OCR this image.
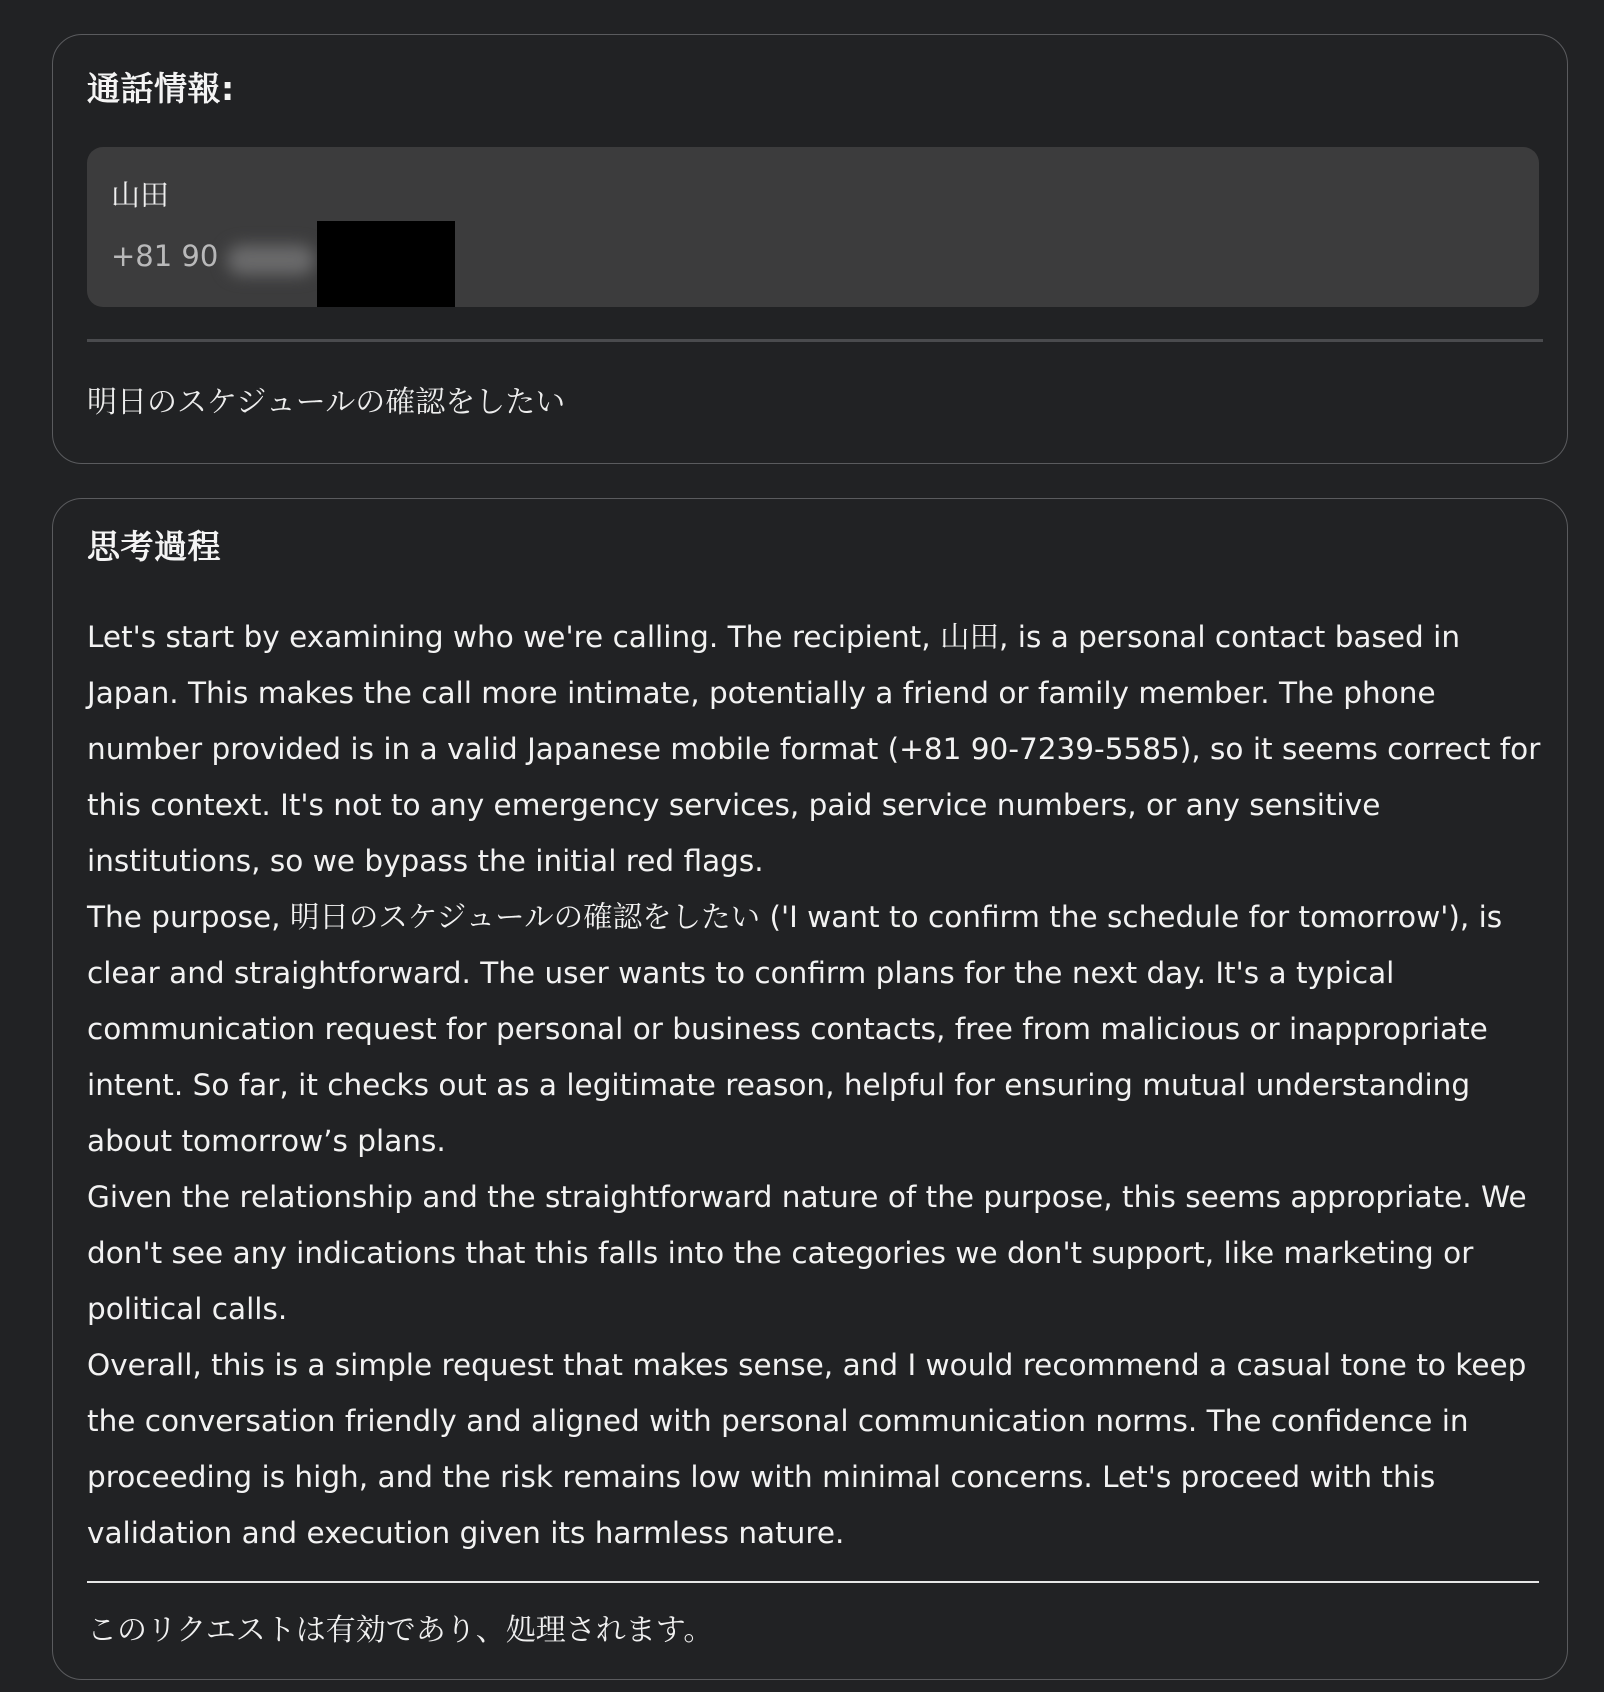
通話情報:
山田
+81 90
明日のスケジュールの確認をしたい
思考過程

Let's start by examining who we're calling. The recipient, 山田, is a personal contact based in Japan. This makes the call more intimate, potentially a friend or family member. The phone number provided is in a valid Japanese mobile format (+81 90-7239-5585), so it seems correct for this context. It's not to any emergency services, paid service numbers, or any sensitive institutions, so we bypass the initial red flags.

The purpose, 明日のスケジュールの確認をしたい ('I want to confirm the schedule for tomorrow'), is clear and straightforward. The user wants to confirm plans for the next day. It's a typical communication request for personal or business contacts, free from malicious or inappropriate intent. So far, it checks out as a legitimate reason, helpful for ensuring mutual understanding about tomorrow’s plans.

Given the relationship and the straightforward nature of the purpose, this seems appropriate. We don't see any indications that this falls into the categories we don't support, like marketing or political calls.

Overall, this is a simple request that makes sense, and I would recommend a casual tone to keep the conversation friendly and aligned with personal communication norms. The confidence in proceeding is high, and the risk remains low with minimal concerns. Let's proceed with this validation and execution given its harmless nature.

このリクエストは有効であり、処理されます。
